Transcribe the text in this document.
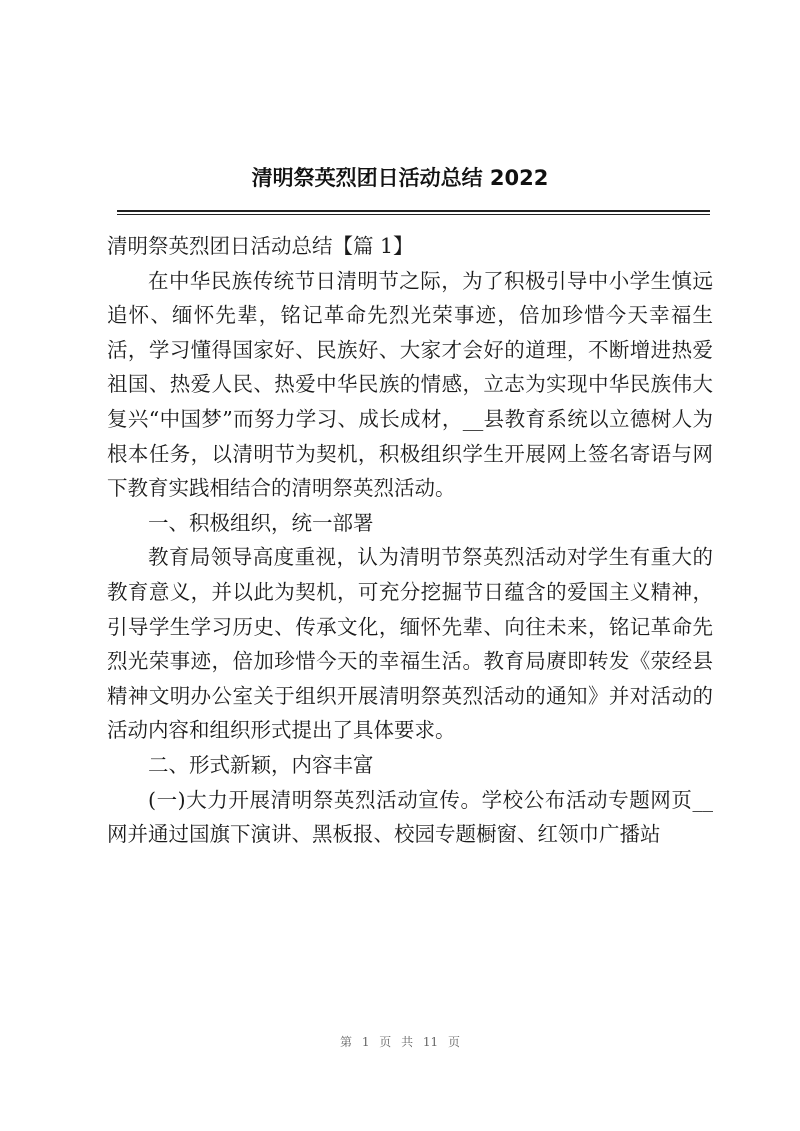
清明祭英烈团日活动总结 2022

清明祭英烈团日活动总结【篇 1】

在中华民族传统节日清明节之际，为了积极引导中小学生慎远追怀、缅怀先辈，铭记革命先烈光荣事迹，倍加珍惜今天幸福生活，学习懂得国家好、民族好、大家才会好的道理，不断增进热爱祖国、热爱人民、热爱中华民族的情感，立志为实现中华民族伟大复兴“中国梦”而努力学习、成长成材，__县教育系统以立德树人为根本任务，以清明节为契机，积极组织学生开展网上签名寄语与网下教育实践相结合的清明祭英烈活动。

一、积极组织，统一部署

教育局领导高度重视，认为清明节祭英烈活动对学生有重大的教育意义，并以此为契机，可充分挖掘节日蕴含的爱国主义精神，引导学生学习历史、传承文化，缅怀先辈、向往未来，铭记革命先烈光荣事迹，倍加珍惜今天的幸福生活。教育局赓即转发《荥经县精神文明办公室关于组织开展清明祭英烈活动的通知》并对活动的活动内容和组织形式提出了具体要求。

二、形式新颖，内容丰富

(一)大力开展清明祭英烈活动宣传。学校公布活动专题网页__网并通过国旗下演讲、黑板报、校园专题橱窗、红领巾广播站

第 1 页 共 11 页
